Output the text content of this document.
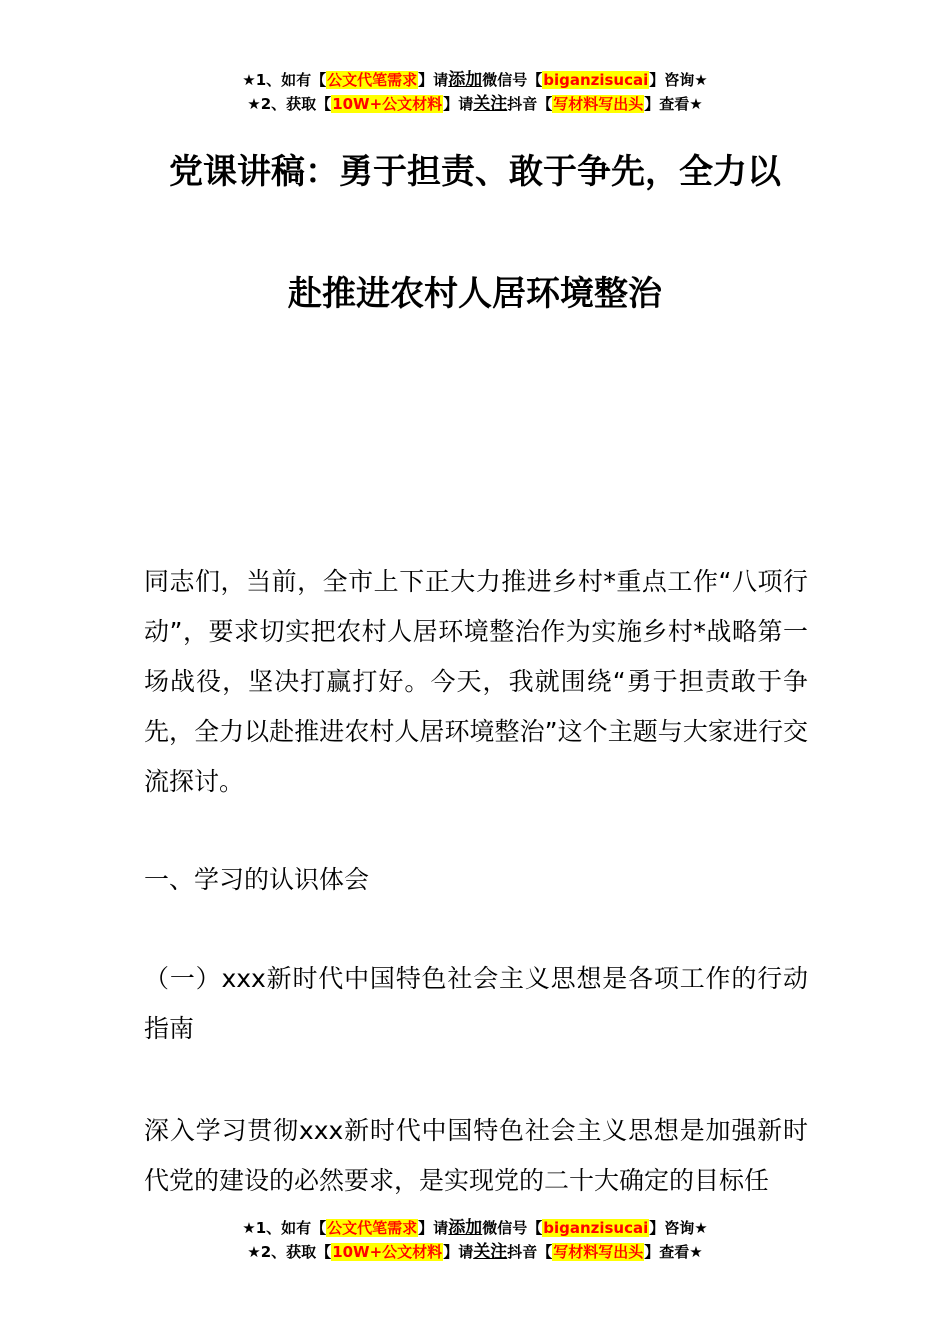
★1、如有【公文代笔需求】请添加微信号【biganzisucai】咨询★
★2、获取【10W+公文材料】请关注抖音【写材料写出头】查看★
党课讲稿：勇于担责、敢于争先，全力以
赴推进农村人居环境整治
同志们，当前，全市上下正大力推进乡村*重点工作“八项行动”，要求切实把农村人居环境整治作为实施乡村*战略第一场战役，坚决打赢打好。今天，我就围绕“勇于担责敢于争先，全力以赴推进农村人居环境整治”这个主题与大家进行交流探讨。
一、学习的认识体会
（一）xxx新时代中国特色社会主义思想是各项工作的行动指南
深入学习贯彻xxx新时代中国特色社会主义思想是加强新时代党的建设的必然要求，是实现党的二十大确定的目标任
★1、如有【公文代笔需求】请添加微信号【biganzisucai】咨询★
★2、获取【10W+公文材料】请关注抖音【写材料写出头】查看★
